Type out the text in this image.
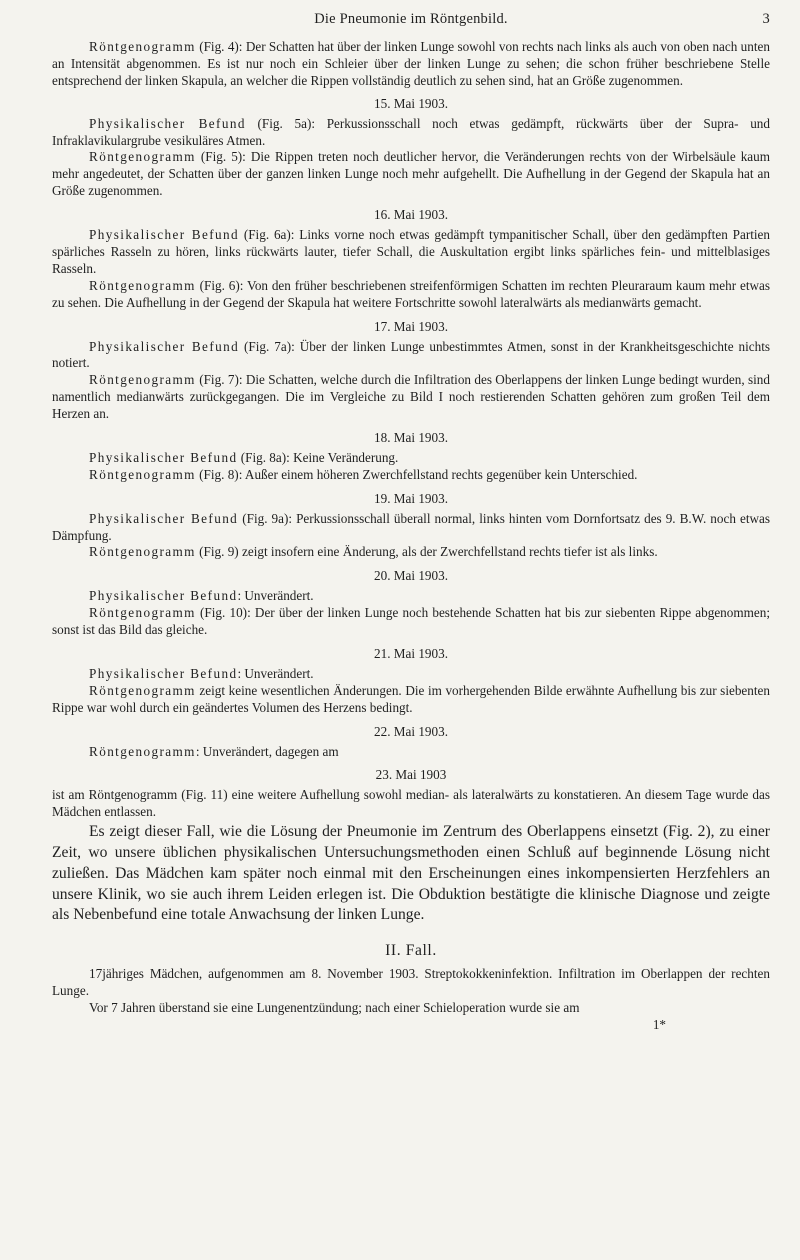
Die Pneumonie im Röntgenbild.	3

Röntgenogramm (Fig. 4): Der Schatten hat über der linken Lunge sowohl von rechts nach links als auch von oben nach unten an Intensität abgenommen. Es ist nur noch ein Schleier über der linken Lunge zu sehen; die schon früher beschriebene Stelle entsprechend der linken Skapula, an welcher die Rippen vollständig deutlich zu sehen sind, hat an Größe zugenommen.

15. Mai 1903.

Physikalischer Befund (Fig. 5a): Perkussionsschall noch etwas gedämpft, rückwärts über der Supra- und Infraklavikulargrube vesikuläres Atmen.

Röntgenogramm (Fig. 5): Die Rippen treten noch deutlicher hervor, die Veränderungen rechts von der Wirbelsäule kaum mehr angedeutet, der Schatten über der ganzen linken Lunge noch mehr aufgehellt. Die Aufhellung in der Gegend der Skapula hat an Größe zugenommen.

16. Mai 1903.

Physikalischer Befund (Fig. 6a): Links vorne noch etwas gedämpft tympanitischer Schall, über den gedämpften Partien spärliches Rasseln zu hören, links rückwärts lauter, tiefer Schall, die Auskultation ergibt links spärliches fein- und mittelblasiges Rasseln.

Röntgenogramm (Fig. 6): Von den früher beschriebenen streifenförmigen Schatten im rechten Pleuraraum kaum mehr etwas zu sehen. Die Aufhellung in der Gegend der Skapula hat weitere Fortschritte sowohl lateralwärts als medianwärts gemacht.

17. Mai 1903.

Physikalischer Befund (Fig. 7a): Über der linken Lunge unbestimmtes Atmen, sonst in der Krankheitsgeschichte nichts notiert.

Röntgenogramm (Fig. 7): Die Schatten, welche durch die Infiltration des Oberlappens der linken Lunge bedingt wurden, sind namentlich medianwärts zurückgegangen. Die im Vergleiche zu Bild I noch restierenden Schatten gehören zum großen Teil dem Herzen an.

18. Mai 1903.

Physikalischer Befund (Fig. 8a): Keine Veränderung.

Röntgenogramm (Fig. 8): Außer einem höheren Zwerchfellstand rechts gegenüber kein Unterschied.

19. Mai 1903.

Physikalischer Befund (Fig. 9a): Perkussionsschall überall normal, links hinten vom Dornfortsatz des 9. B.W. noch etwas Dämpfung.

Röntgenogramm (Fig. 9) zeigt insofern eine Änderung, als der Zwerchfellstand rechts tiefer ist als links.

20. Mai 1903.

Physikalischer Befund: Unverändert.

Röntgenogramm (Fig. 10): Der über der linken Lunge noch bestehende Schatten hat bis zur siebenten Rippe abgenommen; sonst ist das Bild das gleiche.

21. Mai 1903.

Physikalischer Befund: Unverändert.

Röntgenogramm zeigt keine wesentlichen Änderungen. Die im vorhergehenden Bilde erwähnte Aufhellung bis zur siebenten Rippe war wohl durch ein geändertes Volumen des Herzens bedingt.

22. Mai 1903.

Röntgenogramm: Unverändert, dagegen am

23. Mai 1903

ist am Röntgenogramm (Fig. 11) eine weitere Aufhellung sowohl median- als lateralwärts zu konstatieren. An diesem Tage wurde das Mädchen entlassen.

Es zeigt dieser Fall, wie die Lösung der Pneumonie im Zentrum des Oberlappens einsetzt (Fig. 2), zu einer Zeit, wo unsere üblichen physikalischen Untersuchungsmethoden einen Schluß auf beginnende Lösung nicht zuließen. Das Mädchen kam später noch einmal mit den Erscheinungen eines inkompensierten Herzfehlers an unsere Klinik, wo sie auch ihrem Leiden erlegen ist. Die Obduktion bestätigte die klinische Diagnose und zeigte als Nebenbefund eine totale Anwachsung der linken Lunge.

II. Fall.

17jähriges Mädchen, aufgenommen am 8. November 1903. Streptokokkeninfektion. Infiltration im Oberlappen der rechten Lunge.

Vor 7 Jahren überstand sie eine Lungenentzündung; nach einer Schieloperation wurde sie am

1*
